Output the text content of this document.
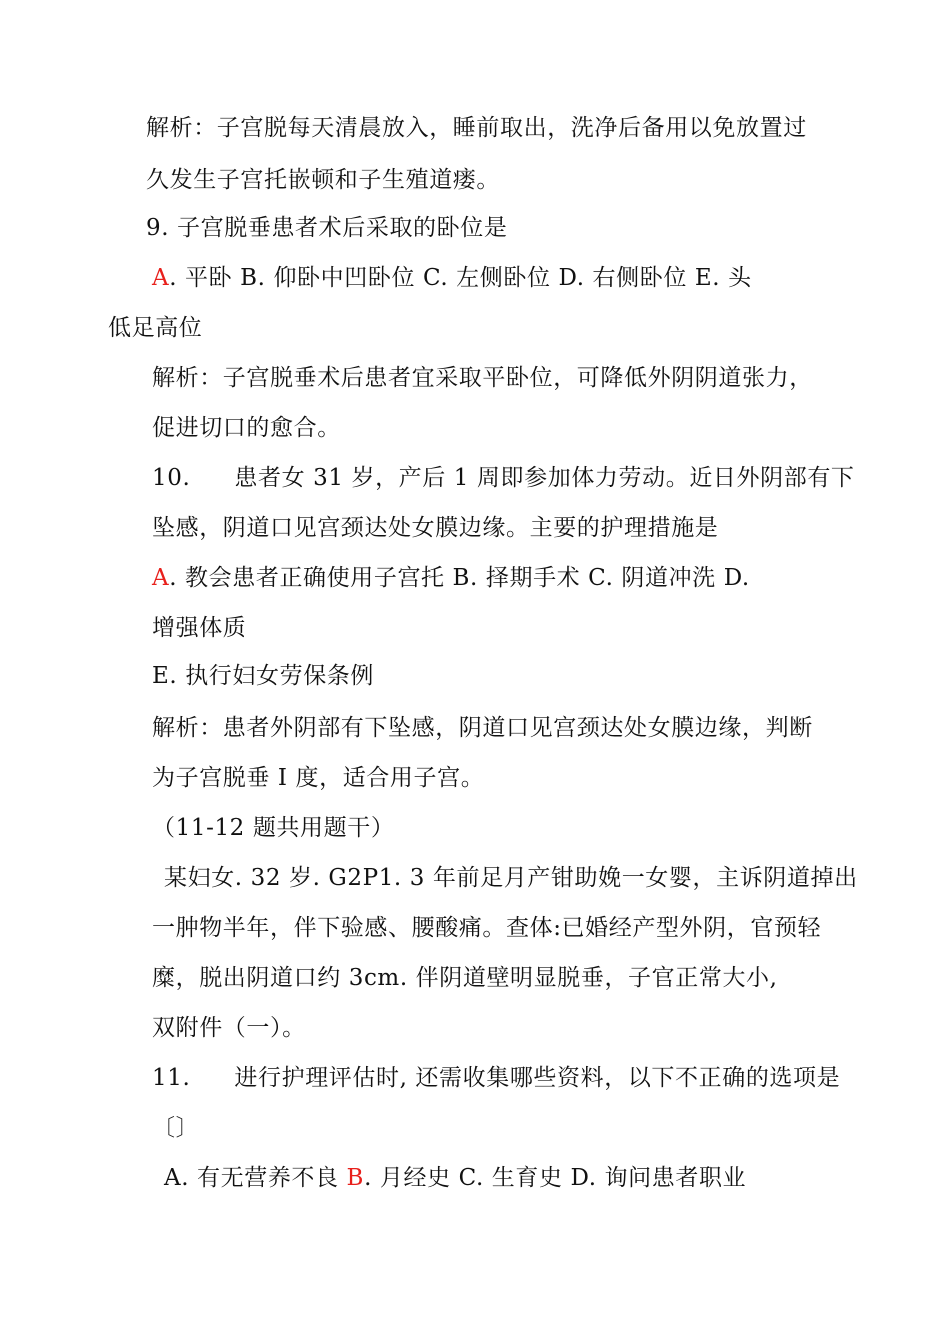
解析：子宫脱每天清晨放入，睡前取出，洗净后备用以免放置过
久发生子宫托嵌顿和子生殖道瘘。
9. 子宫脱垂患者术后采取的卧位是
A. 平卧 B. 仰卧中凹卧位 C. 左侧卧位 D. 右侧卧位 E. 头
低足高位
解析：子宫脱垂术后患者宜采取平卧位，可降低外阴阴道张力，
促进切口的愈合。
10. 患者女 31 岁，产后 1 周即参加体力劳动。近日外阴部有下
坠感，阴道口见宫颈达处女膜边缘。主要的护理措施是
A. 教会患者正确使用子宫托 B. 择期手术 C. 阴道冲洗 D.
增强体质
E. 执行妇女劳保条例
解析：患者外阴部有下坠感，阴道口见宫颈达处女膜边缘，判断
为子宫脱垂 I 度，适合用子宫。
（11-12 题共用题干）
某妇女. 32 岁. G2P1. 3 年前足月产钳助娩一女婴，主诉阴道掉出
一肿物半年，伴下验感、腰酸痛。查体:已婚经产型外阴，官预轻
糜，脱出阴道口约 3cm. 伴阴道壁明显脱垂，子官正常大小,
双附件（一）。
11. 进行护理评估时, 还需收集哪些资料，以下不正确的选项是
〔〕
A. 有无营养不良 B. 月经史 C. 生育史 D. 询问患者职业
